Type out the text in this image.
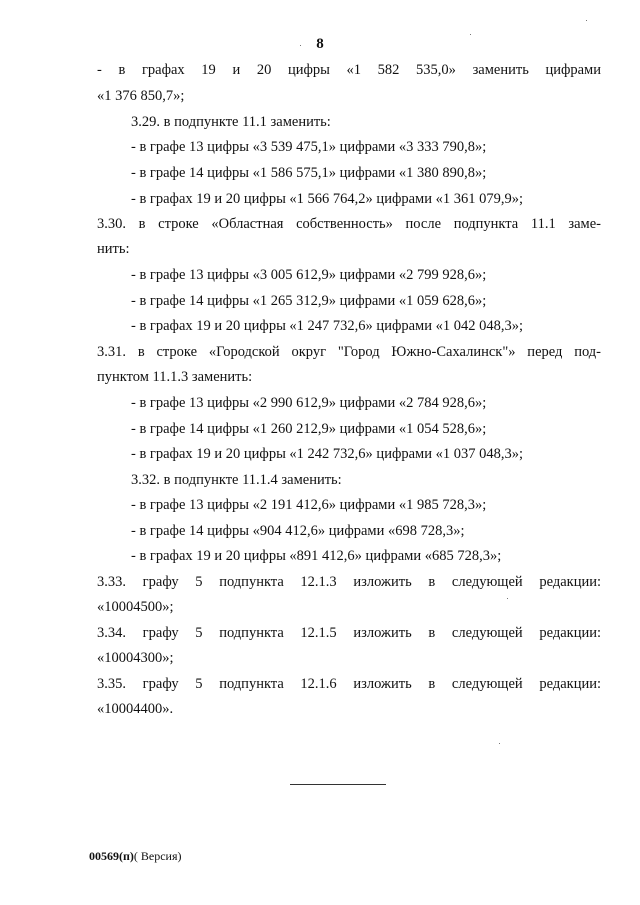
8
- в графах 19 и 20 цифры «1 582 535,0» заменить цифрами
«1 376 850,7»;
3.29. в подпункте 11.1 заменить:
- в графе 13 цифры «3 539 475,1» цифрами «3 333 790,8»;
- в графе 14 цифры «1 586 575,1» цифрами «1 380 890,8»;
- в графах 19 и 20 цифры «1 566 764,2» цифрами «1 361 079,9»;
3.30. в строке «Областная собственность» после подпункта 11.1 заме-
нить:
- в графе 13 цифры «3 005 612,9» цифрами «2 799 928,6»;
- в графе 14 цифры «1 265 312,9» цифрами «1 059 628,6»;
- в графах 19 и 20 цифры «1 247 732,6» цифрами «1 042 048,3»;
3.31. в строке «Городской округ "Город Южно-Сахалинск"» перед под-
пунктом 11.1.3 заменить:
- в графе 13 цифры «2 990 612,9» цифрами «2 784 928,6»;
- в графе 14 цифры «1 260 212,9» цифрами «1 054 528,6»;
- в графах 19 и 20 цифры «1 242 732,6» цифрами «1 037 048,3»;
3.32. в подпункте 11.1.4 заменить:
- в графе 13 цифры «2 191 412,6» цифрами «1 985 728,3»;
- в графе 14 цифры «904 412,6» цифрами «698 728,3»;
- в графах 19 и 20 цифры «891 412,6» цифрами «685 728,3»;
3.33. графу 5 подпункта 12.1.3 изложить в следующей редакции:
«10004500»;
3.34. графу 5 подпункта 12.1.5 изложить в следующей редакции:
«10004300»;
3.35. графу 5 подпункта 12.1.6 изложить в следующей редакции:
«10004400».
00569(п)( Версия)
